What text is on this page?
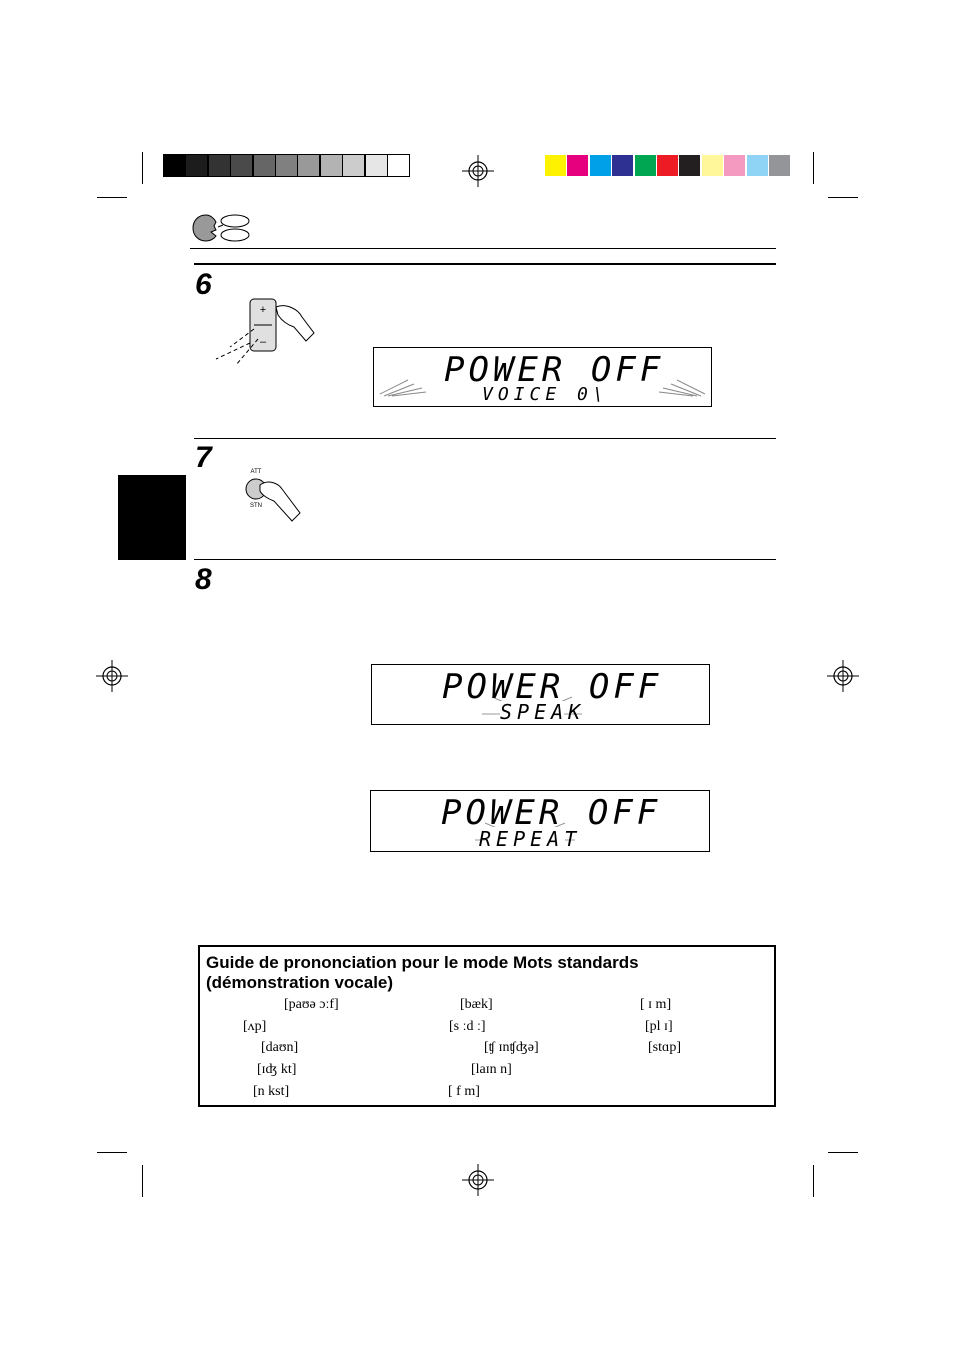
6
+
–
POWER OFF
VOICE 0\
7	ATT
STN
8
POWER OFF
SPEAK
POWER OFF
REPEAT
Guide de prononciation pour le mode Mots standards
(démonstration vocale)
[paʊə ɔːf]
[ʌp]
[daʊn]
[ɪʤ kt]
[n kst]
[bæk]
[s ːd ː]
[ʧ ɪnʧʤə]
[laɪn n]
[ f m]
[ ɪ m]
[pl ɪ]
[stɑp]
